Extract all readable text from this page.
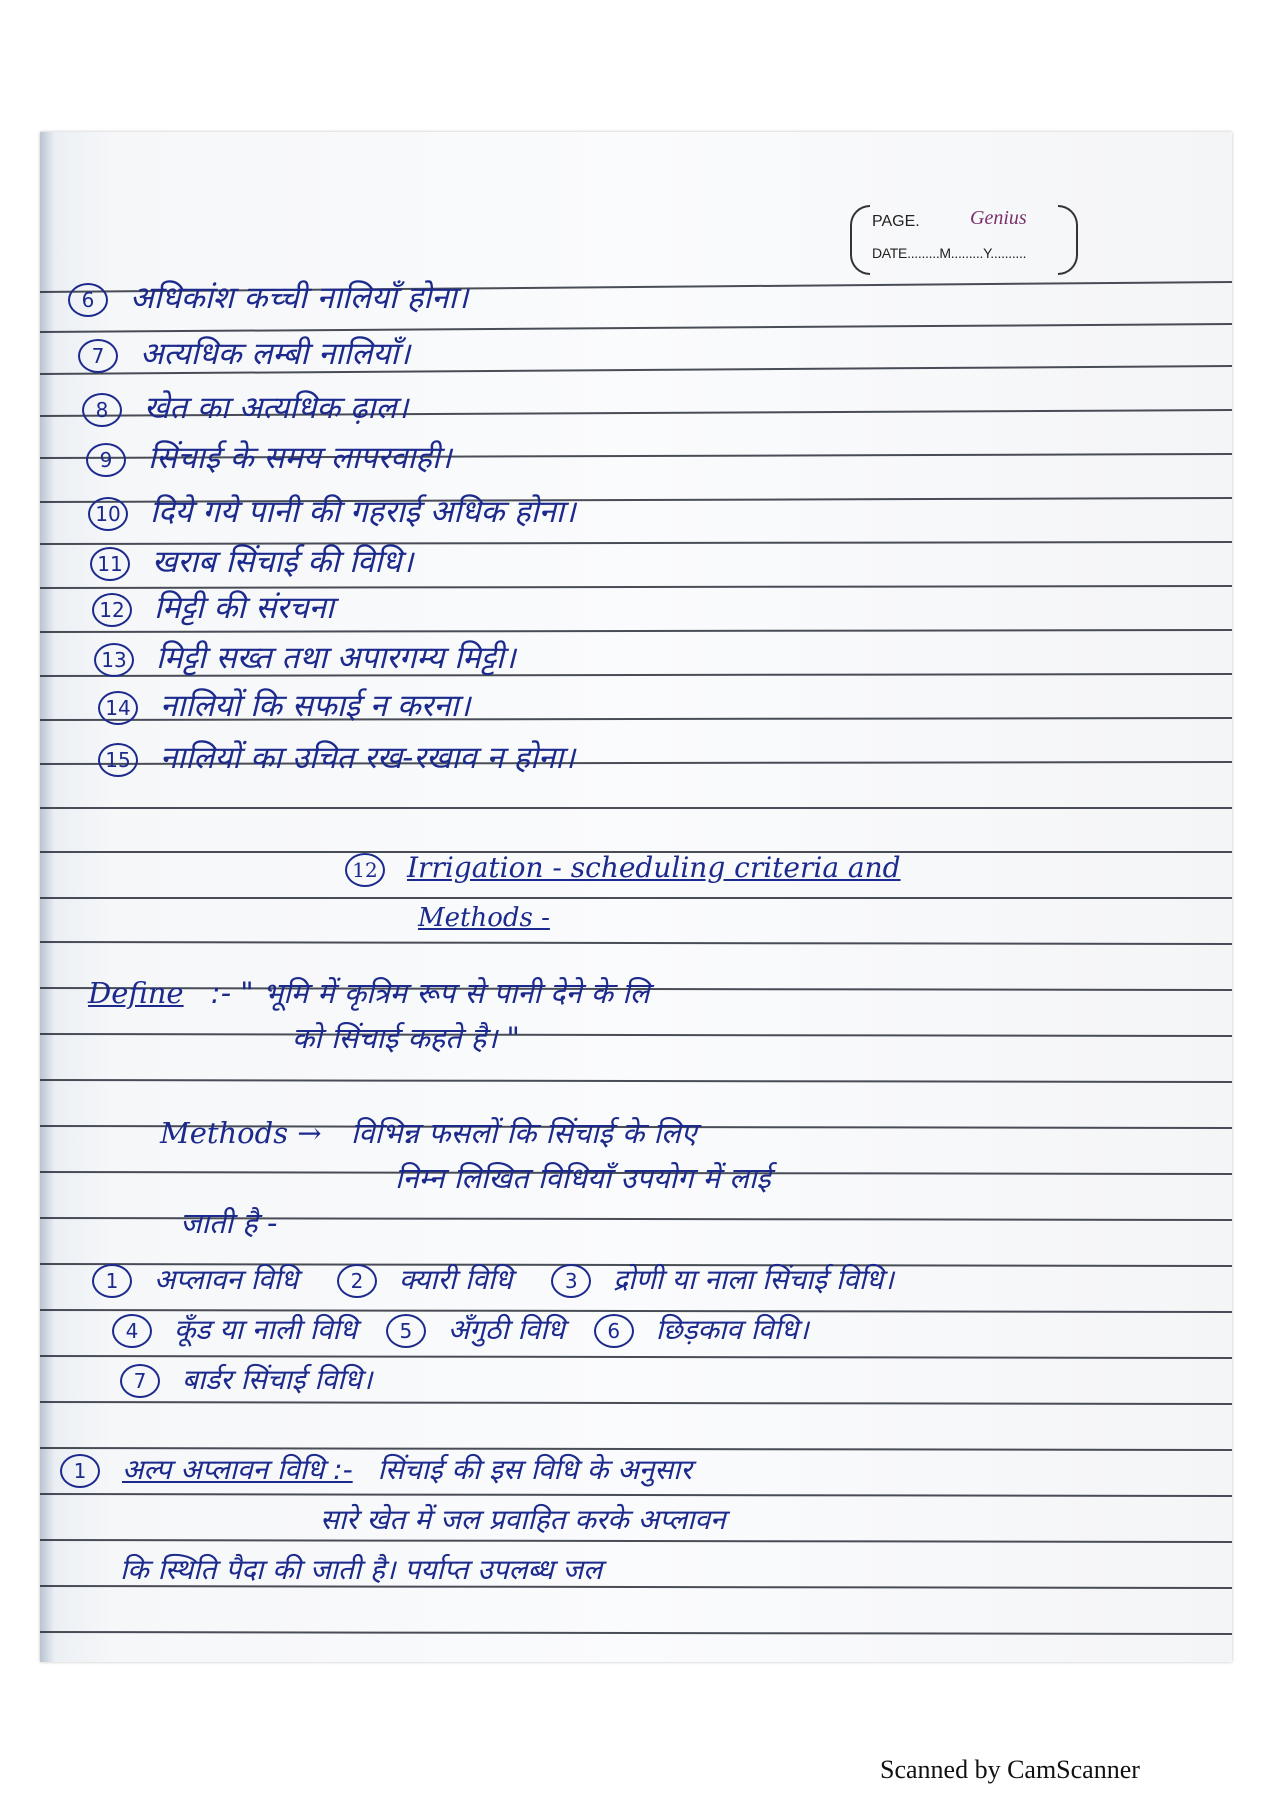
PAGE.	Genius
DATE.........M.........Y..........
6 अधिकांश कच्ची नालियाँ होना।
7 अत्यधिक लम्बी नालियाँ।
8 खेत का अत्यधिक ढ़ाल।
9 सिंचाई के समय लापरवाही।
10 दिये गये पानी की गहराई अधिक होना।
11 खराब सिंचाई की विधि।
12 मिट्टी की संरचना
13 मिट्टी सख्त तथा अपारगम्य मिट्टी।
14 नालियों कि सफाई न करना।
15 नालियों का उचित रख-रखाव न होना।
12 Irrigation - scheduling criteria and
Methods -
Define :- " भूमि में कृत्रिम रूप से पानी देने के लि
को सिंचाई कहते है। "
Methods → विभिन्न फसलों कि सिंचाई के लिए
निम्न लिखित विधियाँ उपयोग में लाई
जाती है -
1 अप्लावन विधि	2 क्यारी विधि	3 द्रोणी या नाला सिंचाई विधि।
4 कूँड या नाली विधि 5 अँगुठी विधि 6 छिड़काव विधि।
7 बार्डर सिंचाई विधि।
1 अल्प अप्लावन विधि :- सिंचाई की इस विधि के अनुसार
सारे खेत में जल प्रवाहित करके अप्लावन
कि स्थिति पैदा की जाती है। पर्याप्त उपलब्ध जल
Scanned by CamScanner
